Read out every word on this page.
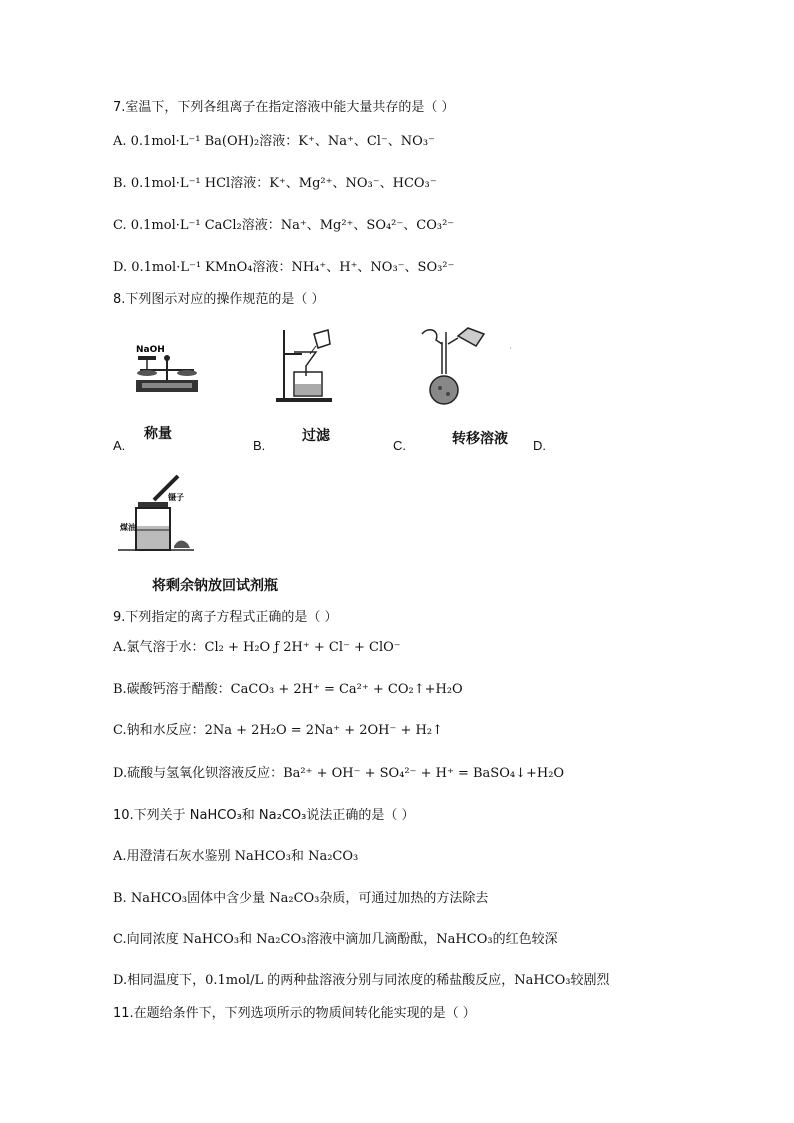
7.室温下，下列各组离子在指定溶液中能大量共存的是（ ）
A. 0.1mol·L⁻¹ Ba(OH)₂溶液：K⁺、Na⁺、Cl⁻、NO₃⁻
B. 0.1mol·L⁻¹ HCl溶液：K⁺、Mg²⁺、NO₃⁻、HCO₃⁻
C. 0.1mol·L⁻¹ CaCl₂溶液：Na⁺、Mg²⁺、SO₄²⁻、CO₃²⁻
D. 0.1mol·L⁻¹ KMnO₄溶液：NH₄⁺、H⁺、NO₃⁻、SO₃²⁻
8.下列图示对应的操作规范的是（ ）
NaOH
称量
A.
过滤
B.	转移溶液
C.	D.
镊子
煤油
将剩余钠放回试剂瓶
9.下列指定的离子方程式正确的是（ ）
A.氯气溶于水：Cl₂ + H₂O ƒ 2H⁺ + Cl⁻ + ClO⁻
B.碳酸钙溶于醋酸：CaCO₃ + 2H⁺ = Ca²⁺ + CO₂↑+H₂O
C.钠和水反应：2Na + 2H₂O = 2Na⁺ + 2OH⁻ + H₂↑
D.硫酸与氢氧化钡溶液反应：Ba²⁺ + OH⁻ + SO₄²⁻ + H⁺ = BaSO₄↓+H₂O
10.下列关于 NaHCO₃和 Na₂CO₃说法正确的是（ ）
A.用澄清石灰水鉴别 NaHCO₃和 Na₂CO₃
B. NaHCO₃固体中含少量 Na₂CO₃杂质，可通过加热的方法除去
C.向同浓度 NaHCO₃和 Na₂CO₃溶液中滴加几滴酚酞，NaHCO₃的红色较深
D.相同温度下，0.1mol/L 的两种盐溶液分别与同浓度的稀盐酸反应，NaHCO₃较剧烈
11.在题给条件下，下列选项所示的物质间转化能实现的是（ ）
